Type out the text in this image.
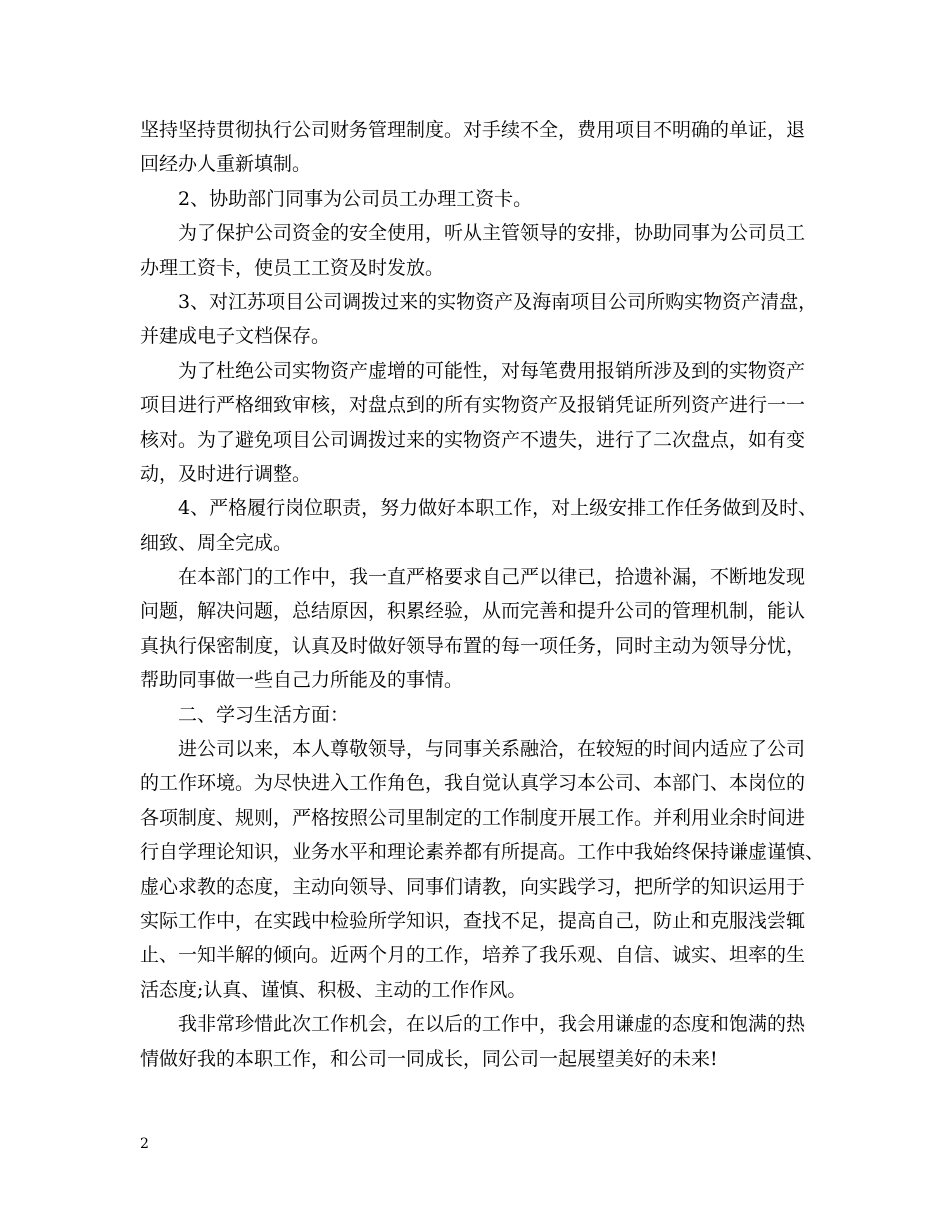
坚持坚持贯彻执行公司财务管理制度。对手续不全，费用项目不明确的单证，退
回经办人重新填制。
2、协助部门同事为公司员工办理工资卡。
为了保护公司资金的安全使用，听从主管领导的安排，协助同事为公司员工
办理工资卡，使员工工资及时发放。
3、对江苏项目公司调拨过来的实物资产及海南项目公司所购实物资产清盘，
并建成电子文档保存。
为了杜绝公司实物资产虚增的可能性，对每笔费用报销所涉及到的实物资产
项目进行严格细致审核，对盘点到的所有实物资产及报销凭证所列资产进行一一
核对。为了避免项目公司调拨过来的实物资产不遗失，进行了二次盘点，如有变
动，及时进行调整。
4、严格履行岗位职责，努力做好本职工作，对上级安排工作任务做到及时、
细致、周全完成。
在本部门的工作中，我一直严格要求自己严以律已，拾遗补漏，不断地发现
问题，解决问题，总结原因，积累经验，从而完善和提升公司的管理机制，能认
真执行保密制度，认真及时做好领导布置的每一项任务，同时主动为领导分忧，
帮助同事做一些自己力所能及的事情。
二、学习生活方面：
进公司以来，本人尊敬领导，与同事关系融洽，在较短的时间内适应了公司
的工作环境。为尽快进入工作角色，我自觉认真学习本公司、本部门、本岗位的
各项制度、规则，严格按照公司里制定的工作制度开展工作。并利用业余时间进
行自学理论知识，业务水平和理论素养都有所提高。工作中我始终保持谦虚谨慎、
虚心求教的态度，主动向领导、同事们请教，向实践学习，把所学的知识运用于
实际工作中，在实践中检验所学知识，查找不足，提高自己，防止和克服浅尝辄
止、一知半解的倾向。近两个月的工作，培养了我乐观、自信、诚实、坦率的生
活态度;认真、谨慎、积极、主动的工作作风。
我非常珍惜此次工作机会，在以后的工作中，我会用谦虚的态度和饱满的热
情做好我的本职工作，和公司一同成长，同公司一起展望美好的未来!
2
